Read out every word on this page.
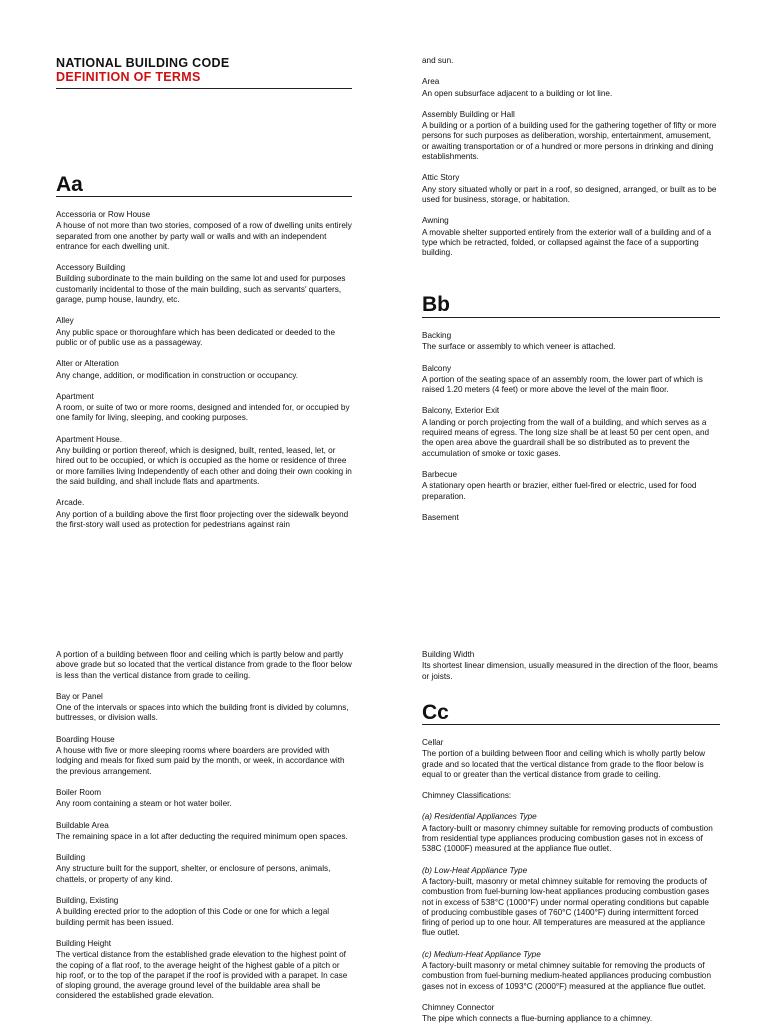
NATIONAL BUILDING CODE
DEFINITION OF TERMS
Aa
Accessoria or Row House
A house of not more than two stories, composed of a row of dwelling units entirely separated from one another by party wall or walls and with an independent entrance for each dwelling unit.
Accessory Building
Building subordinate to the main building on the same lot and used for purposes customarily incidental to those of the main building, such as servants' quarters, garage, pump house, laundry, etc.
Alley
Any public space or thoroughfare which has been dedicated or deeded to the public or of public use as a passageway.
Alter or Alteration
Any change, addition, or modification in construction or occupancy.
Apartment
A room, or suite of two or more rooms, designed and intended for, or occupied by one family for living, sleeping, and cooking purposes.
Apartment House.
Any building or portion thereof, which is designed, built, rented, leased, let, or hired out to be occupied, or which is occupied as the home or residence of three or more families living Independently of each other and doing their own cooking in the said building, and shall include flats and apartments.
Arcade.
Any portion of a building above the first floor projecting over the sidewalk beyond the first-story wall used as protection for pedestrians against rain
and sun.
Area
An open subsurface adjacent to a building or lot line.
Assembly Building or Hall
A building or a portion of a building used for the gathering together of fifty or more persons for such purposes as deliberation, worship, entertainment, amusement, or awaiting transportation or of a hundred or more persons in drinking and dining establishments.
Attic Story
Any story situated wholly or part in a roof, so designed, arranged, or built as to be used for business, storage, or habitation.
Awning
A movable shelter supported entirely from the exterior wall of a building and of a type which be retracted, folded, or collapsed against the face of a supporting building.
Bb
Backing
The surface or assembly to which veneer is attached.
Balcony
A portion of the seating space of an assembly room, the lower part of which is raised 1.20 meters (4 feet) or more above the level of the main floor.
Balcony, Exterior Exit
A landing or porch projecting from the wall of a building, and which serves as a required means of egress. The long size shall be at least 50 per cent open, and the open area above the guardrail shall be so distributed as to prevent the accumulation of smoke or toxic gases.
Barbecue
A stationary open hearth or brazier, either fuel-fired or electric, used for food preparation.
Basement
A portion of a building between floor and ceiling which is partly below and partly above grade but so located that the vertical distance from grade to the floor below is less than the vertical distance from grade to ceiling.
Bay or Panel
One of the intervals or spaces into which the building front is divided by columns, buttresses, or division walls.
Boarding House
A house with five or more sleeping rooms where boarders are provided with lodging and meals for fixed sum paid by the month, or week, in accordance with the previous arrangement.
Boiler Room
Any room containing a steam or hot water boiler.
Buildable Area
The remaining space in a lot after deducting the required minimum open spaces.
Building
Any structure built for the support, shelter, or enclosure of persons, animals, chattels, or property of any kind.
Building, Existing
A building erected prior to the adoption of this Code or one for which a legal building permit has been issued.
Building Height
The vertical distance from the established grade elevation to the highest point of the coping of a flat roof, to the average height of the highest gable of a pitch or hip roof, or to the top of the parapet if the roof is provided with a parapet. In case of sloping ground, the average ground level of the buildable area shall be considered the established grade elevation.
Building Width
Its shortest linear dimension, usually measured in the direction of the floor, beams or joists.
Cc
Cellar
The portion of a building between floor and ceiling which is wholly partly below grade and so located that the vertical distance from grade to the floor below is equal to or greater than the vertical distance from grade to ceiling.
Chimney Classifications:
(a) Residential Appliances Type
A factory-built or masonry chimney suitable for removing products of combustion from residential type appliances producing combustion gases not in excess of 538C (1000F) measured at the appliance flue outlet.
(b) Low-Heat Appliance Type
A factory-built, masonry or metal chimney suitable for removing the products of combustion from fuel-burning low-heat appliances producing combustion gases not in excess of 538°C (1000°F) under normal operating conditions but capable of producing combustible gases of 760°C (1400°F) during intermittent forced firing of period up to one hour. All temperatures are measured at the appliance flue outlet.
(c) Medium-Heat Appliance Type
A factory-built masonry or metal chimney suitable for removing the products of combustion from fuel-burning medium-heated appliances producing combustion gases not in excess of 1093°C (2000°F) measured at the appliance flue outlet.
Chimney Connector
The pipe which connects a flue-burning appliance to a chimney.
